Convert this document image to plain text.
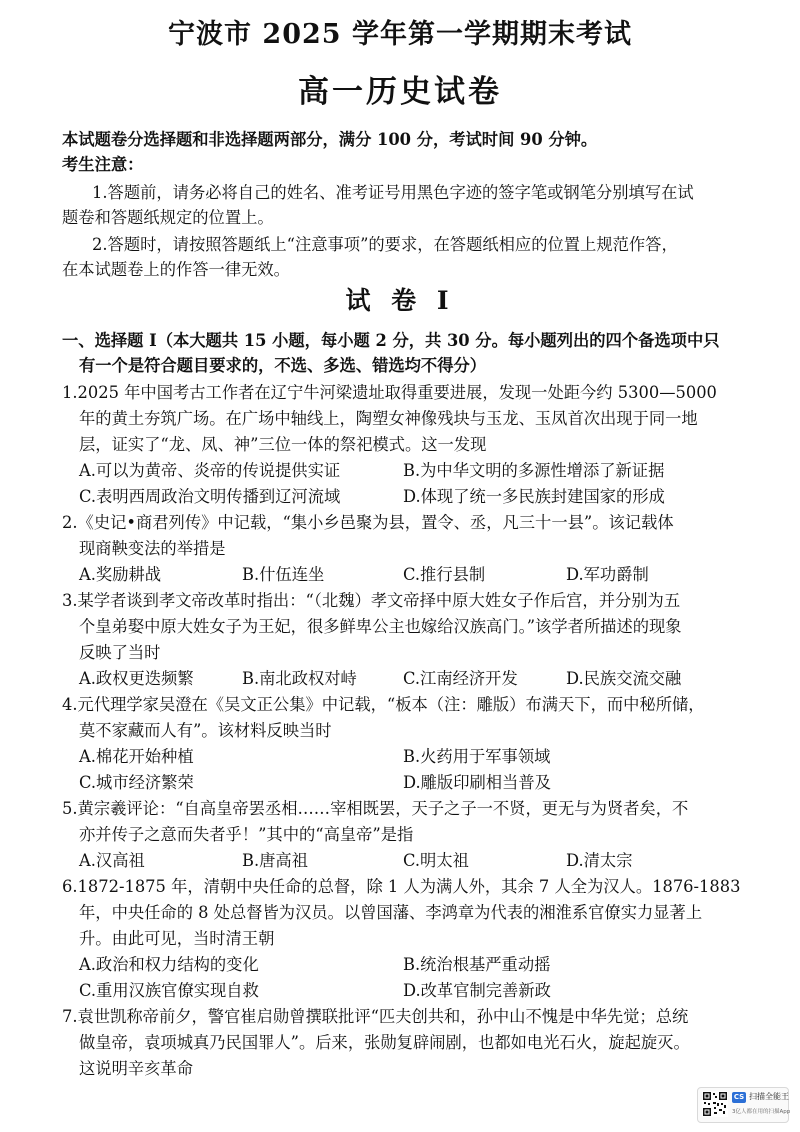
宁波市 2025 学年第一学期期末考试
高一历史试卷
本试题卷分选择题和非选择题两部分，满分 100 分，考试时间 90 分钟。
考生注意：
1.答题前，请务必将自己的姓名、准考证号用黑色字迹的签字笔或钢笔分别填写在试
题卷和答题纸规定的位置上。
2.答题时，请按照答题纸上“注意事项”的要求，在答题纸相应的位置上规范作答，
在本试题卷上的作答一律无效。
试 卷 I
一、选择题 I（本大题共 15 小题，每小题 2 分，共 30 分。每小题列出的四个备选项中只
有一个是符合题目要求的，不选、多选、错选均不得分）
1.2025 年中国考古工作者在辽宁牛河梁遗址取得重要进展，发现一处距今约 5300—5000
年的黄土夯筑广场。在广场中轴线上，陶塑女神像残块与玉龙、玉凤首次出现于同一地
层，证实了“龙、凤、神”三位一体的祭祀模式。这一发现
A.可以为黄帝、炎帝的传说提供实证	B.为中华文明的多源性增添了新证据
C.表明西周政治文明传播到辽河流域	D.体现了统一多民族封建国家的形成
2.《史记•商君列传》中记载，“集小乡邑聚为县，置令、丞，凡三十一县”。该记载体
现商鞅变法的举措是
A.奖励耕战	B.什伍连坐	C.推行县制	D.军功爵制
3.某学者谈到孝文帝改革时指出：“（北魏）孝文帝择中原大姓女子作后宫，并分别为五
个皇弟娶中原大姓女子为王妃，很多鲜卑公主也嫁给汉族高门。”该学者所描述的现象
反映了当时
A.政权更迭频繁	B.南北政权对峙	C.江南经济开发	D.民族交流交融
4.元代理学家吴澄在《吴文正公集》中记载，“板本（注：雕版）布满天下，而中秘所储，
莫不家藏而人有”。该材料反映当时
A.棉花开始种植	B.火药用于军事领域
C.城市经济繁荣	D.雕版印刷相当普及
5.黄宗羲评论：“自高皇帝罢丞相……宰相既罢，天子之子一不贤，更无与为贤者矣，不
亦并传子之意而失者乎！”其中的“高皇帝”是指
A.汉高祖	B.唐高祖	C.明太祖	D.清太宗
6.1872-1875 年，清朝中央任命的总督，除 1 人为满人外，其余 7 人全为汉人。1876-1883
年，中央任命的 8 处总督皆为汉员。以曾国藩、李鸿章为代表的湘淮系官僚实力显著上
升。由此可见，当时清王朝
A.政治和权力结构的变化	B.统治根基严重动摇
C.重用汉族官僚实现自救	D.改革官制完善新政
7.袁世凯称帝前夕，警官崔启勋曾撰联批评“匹夫创共和，孙中山不愧是中华先觉；总统
做皇帝，袁项城真乃民国罪人”。后来，张勋复辟闹剧，也都如电光石火，旋起旋灭。
这说明辛亥革命
CS 扫描全能王
3亿人都在用的扫描App
